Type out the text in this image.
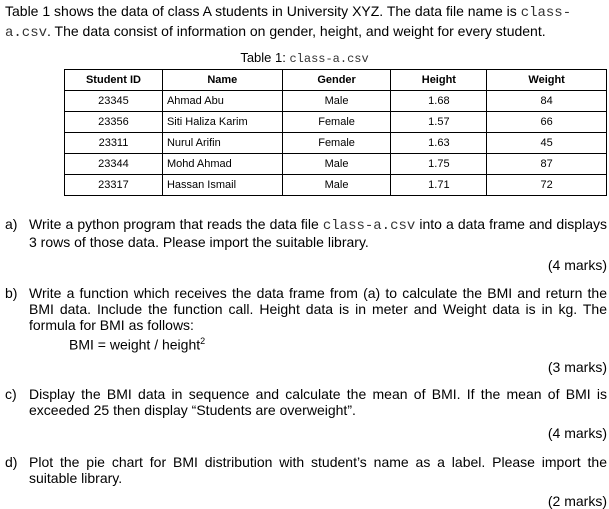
Table 1 shows the data of class A students in University XYZ. The data file name is class-a.csv. The data consist of information on gender, height, and weight for every student.

Table 1: class-a.csv
Student ID	Name	Gender	Height	Weight
23345	Ahmad Abu	Male	1.68	84
23356	Siti Haliza Karim	Female	1.57	66
23311	Nurul Arifin	Female	1.63	45
23344	Mohd Ahmad	Male	1.75	87
23317	Hassan Ismail	Male	1.71	72
a) Write a python program that reads the data file class-a.csv into a data frame and displays 3 rows of those data. Please import the suitable library.
(4 marks)
b) Write a function which receives the data frame from (a) to calculate the BMI and return the BMI data. Include the function call. Height data is in meter and Weight data is in kg. The formula for BMI as follows:
BMI = weight / height$^2$
(3 marks)
c) Display the BMI data in sequence and calculate the mean of BMI. If the mean of BMI is exceeded 25 then display “Students are overweight”.
(4 marks)
d) Plot the pie chart for BMI distribution with student’s name as a label. Please import the suitable library.
(2 marks)
